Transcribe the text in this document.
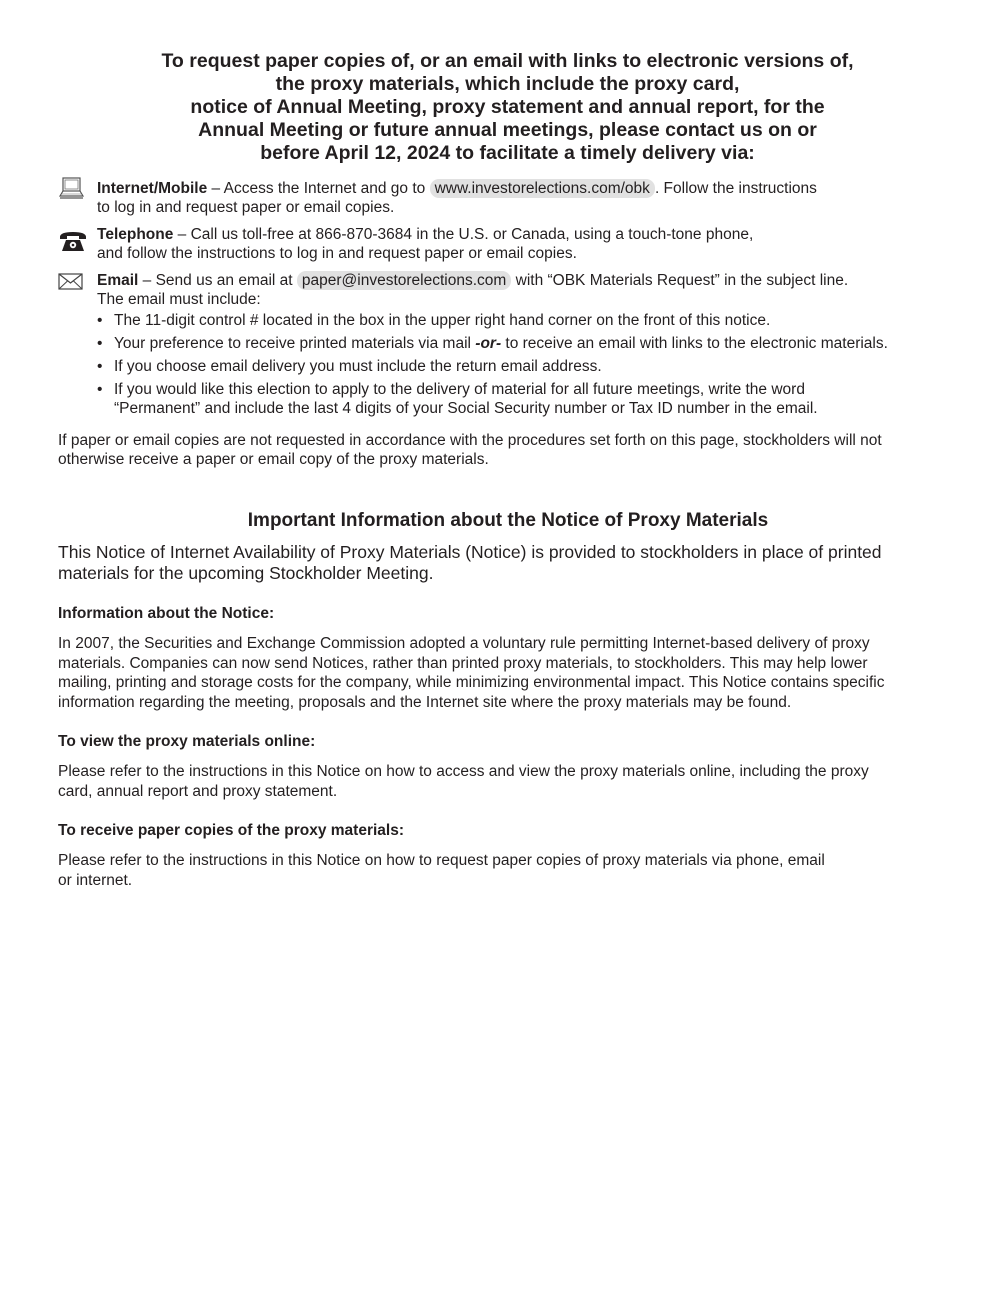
To request paper copies of, or an email with links to electronic versions of,
the proxy materials, which include the proxy card,
notice of Annual Meeting, proxy statement and annual report, for the
Annual Meeting or future annual meetings, please contact us on or
before April 12, 2024 to facilitate a timely delivery via:
Internet/Mobile – Access the Internet and go to www.investorelections.com/obk . Follow the instructions
to log in and request paper or email copies.
Telephone – Call us toll-free at 866-870-3684 in the U.S. or Canada, using a touch-tone phone,
and follow the instructions to log in and request paper or email copies.
Email – Send us an email at paper@investorelections.com with “OBK Materials Request” in the subject line.
The email must include:
• The 11-digit control # located in the box in the upper right hand corner on the front of this notice.
• Your preference to receive printed materials via mail -or- to receive an email with links to the electronic materials.
• If you choose email delivery you must include the return email address.
• If you would like this election to apply to the delivery of material for all future meetings, write the word
“Permanent” and include the last 4 digits of your Social Security number or Tax ID number in the email.
If paper or email copies are not requested in accordance with the procedures set forth on this page, stockholders will not
otherwise receive a paper or email copy of the proxy materials.
Important Information about the Notice of Proxy Materials
This Notice of Internet Availability of Proxy Materials (Notice) is provided to stockholders in place of printed
materials for the upcoming Stockholder Meeting.
Information about the Notice:
In 2007, the Securities and Exchange Commission adopted a voluntary rule permitting Internet-based delivery of proxy
materials. Companies can now send Notices, rather than printed proxy materials, to stockholders. This may help lower
mailing, printing and storage costs for the company, while minimizing environmental impact. This Notice contains specific
information regarding the meeting, proposals and the Internet site where the proxy materials may be found.
To view the proxy materials online:
Please refer to the instructions in this Notice on how to access and view the proxy materials online, including the proxy
card, annual report and proxy statement.
To receive paper copies of the proxy materials:
Please refer to the instructions in this Notice on how to request paper copies of proxy materials via phone, email
or internet.
